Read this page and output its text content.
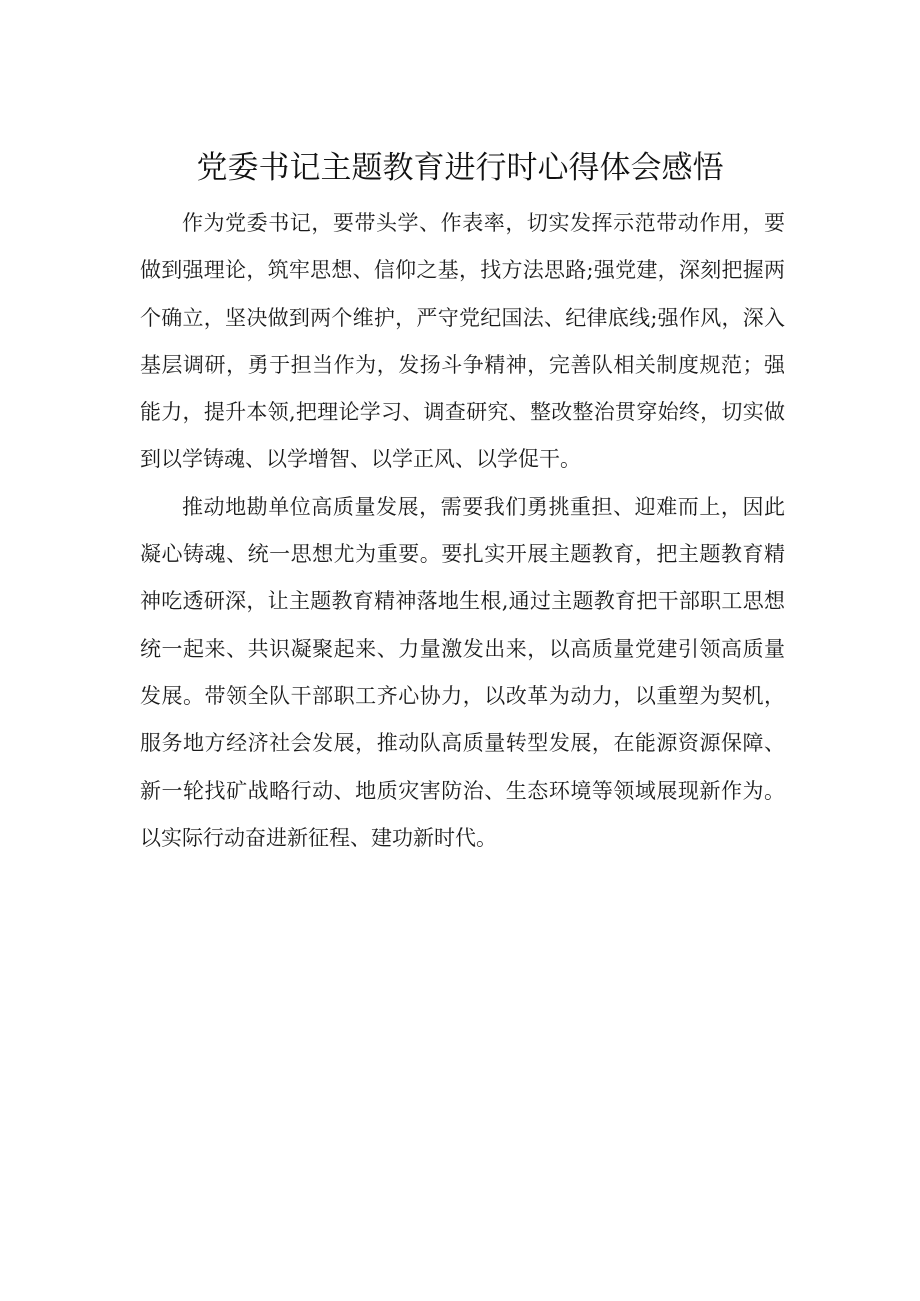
党委书记主题教育进行时心得体会感悟

作为党委书记，要带头学、作表率，切实发挥示范带动作用，要做到强理论，筑牢思想、信仰之基，找方法思路;强党建，深刻把握两个确立，坚决做到两个维护，严守党纪国法、纪律底线;强作风，深入基层调研，勇于担当作为，发扬斗争精神，完善队相关制度规范；强能力，提升本领,把理论学习、调查研究、整改整治贯穿始终，切实做到以学铸魂、以学增智、以学正风、以学促干。

推动地勘单位高质量发展，需要我们勇挑重担、迎难而上，因此凝心铸魂、统一思想尤为重要。要扎实开展主题教育，把主题教育精神吃透研深，让主题教育精神落地生根,通过主题教育把干部职工思想统一起来、共识凝聚起来、力量激发出来，以高质量党建引领高质量发展。带领全队干部职工齐心协力，以改革为动力，以重塑为契机，服务地方经济社会发展，推动队高质量转型发展，在能源资源保障、新一轮找矿战略行动、地质灾害防治、生态环境等领域展现新作为。以实际行动奋进新征程、建功新时代。
